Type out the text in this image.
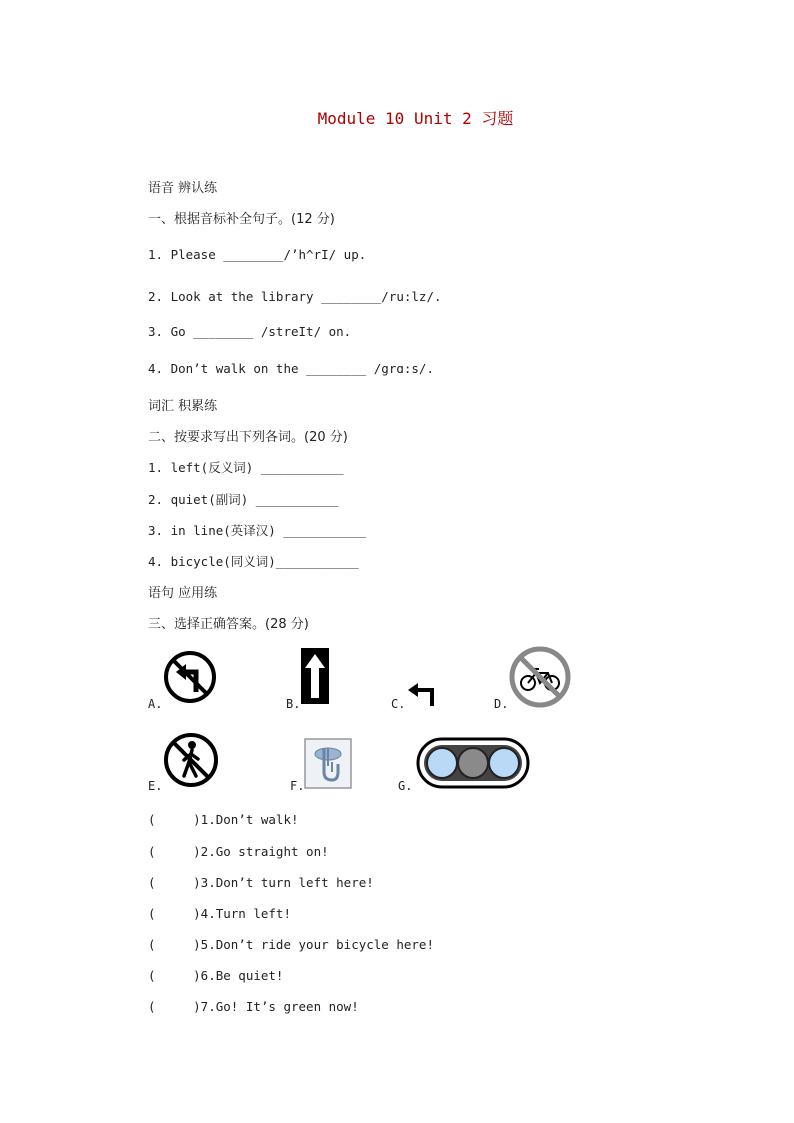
Module 10 Unit 2 习题
语音 辨认练
一、根据音标补全句子。(12 分)
1. Please ________/’h^rI/ up.
2. Look at the library ________/ru:lz/.
3. Go ________ /streIt/ on.
4. Don’t walk on the ________ /grɑ:s/.
词汇 积累练
二、按要求写出下列各词。(20 分)
1. left(反义词) ___________
2. quiet(副词) ___________
3. in line(英译汉) ___________
4. bicycle(同义词)___________
语句 应用练
三、选择正确答案。(28 分)
A.	B.	C.	D.
E.	F.	G.
(     )1.Don’t walk!
(     )2.Go straight on!
(     )3.Don’t turn left here!
(     )4.Turn left!
(     )5.Don’t ride your bicycle here!
(     )6.Be quiet!
(     )7.Go! It’s green now!
